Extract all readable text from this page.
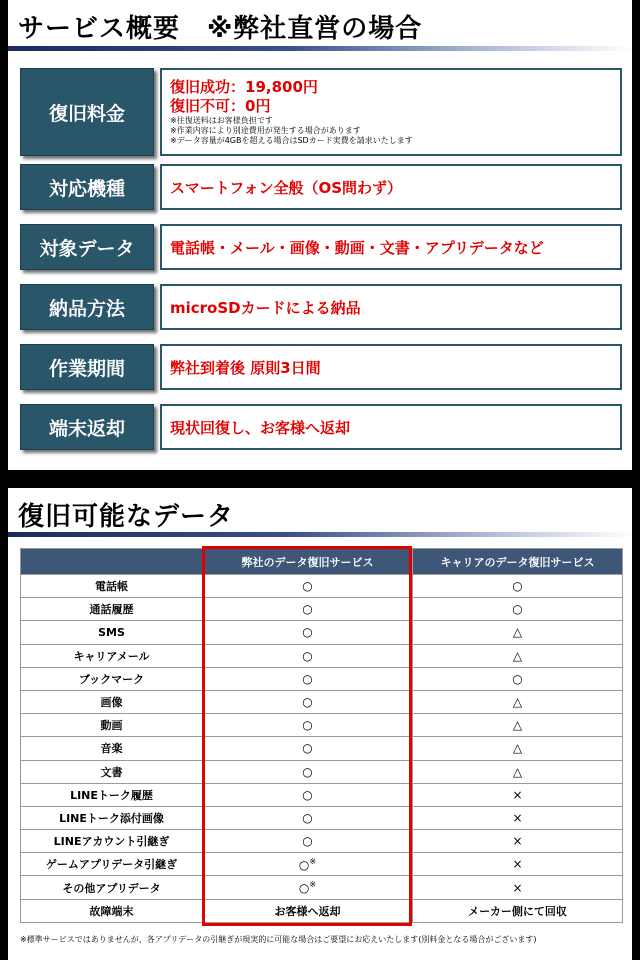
サービス概要　※弊社直営の場合
復旧料金
復旧成功：19,800円
復旧不可：0円
※往復送料はお客様負担です
※作業内容により別途費用が発生する場合があります
※データ容量が4GBを超える場合はSDカード実費を請求いたします
対応機種	スマートフォン全般（OS問わず）
対象データ	電話帳・メール・画像・動画・文書・アプリデータなど
納品方法	microSDカードによる納品
作業期間	弊社到着後 原則3日間
端末返却	現状回復し、お客様へ返却
復旧可能なデータ
	弊社のデータ復旧サービス	キャリアのデータ復旧サービス
電話帳	○	○
通話履歴	○	○
SMS	○	△
キャリアメール	○	△
ブックマーク	○	○
画像	○	△
動画	○	△
音楽	○	△
文書	○	△
LINEトーク履歴	○	×
LINEトーク添付画像	○	×
LINEアカウント引継ぎ	○	×
ゲームアプリデータ引継ぎ	○※	×
その他アプリデータ	○※	×
故障端末	お客様へ返却	メーカー側にて回収
※標準サービスではありませんが、各アプリデータの引継ぎが現実的に可能な場合はご要望にお応えいたします(別料金となる場合がございます)
